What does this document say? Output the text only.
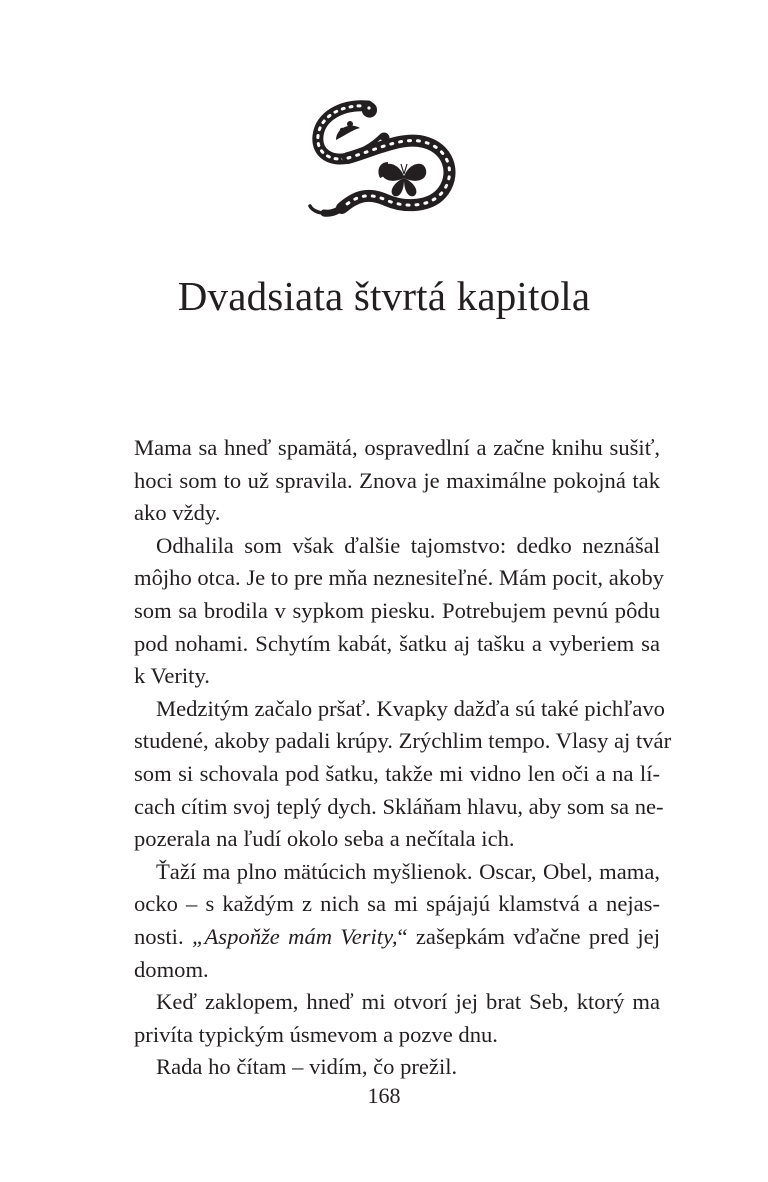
Dvadsiata štvrtá kapitola

Mama sa hneď spamätá, ospravedlní a začne knihu sušiť,
hoci som to už spravila. Znova je maximálne pokojná tak
ako vždy.

Odhalila som však ďalšie tajomstvo: dedko neznášal
môjho otca. Je to pre mňa neznesiteľné. Mám pocit, akoby
som sa brodila v sypkom piesku. Potrebujem pevnú pôdu
pod nohami. Schytím kabát, šatku aj tašku a vyberiem sa
k Verity.

Medzitým začalo pršať. Kvapky dažďa sú také pichľavo
studené, akoby padali krúpy. Zrýchlim tempo. Vlasy aj tvár
som si schovala pod šatku, takže mi vidno len oči a na lí-
cach cítim svoj teplý dych. Skláňam hlavu, aby som sa ne-
pozerala na ľudí okolo seba a nečítala ich.

Ťaží ma plno mätúcich myšlienok. Oscar, Obel, mama,
ocko – s každým z nich sa mi spájajú klamstvá a nejas-
nosti. „Aspoňže mám Verity,“ zašepkám vďačne pred jej
domom.

Keď zaklopem, hneď mi otvorí jej brat Seb, ktorý ma
privíta typickým úsmevom a pozve dnu.

Rada ho čítam – vidím, čo prežil.

168
